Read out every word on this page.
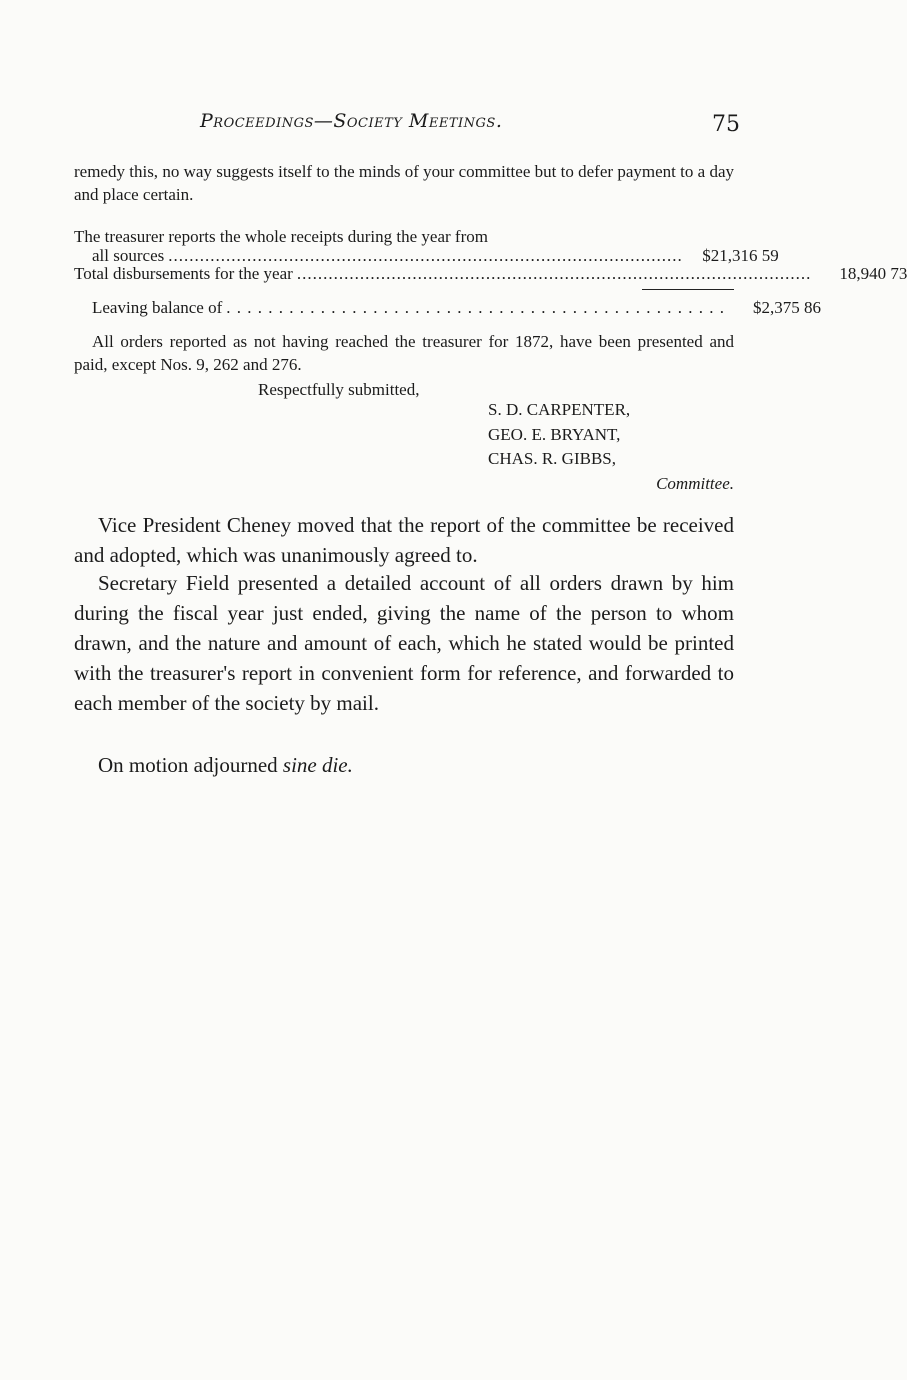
Proceedings—Society Meetings.	75
remedy this, no way suggests itself to the minds of your committee but to defer payment to a day and place certain.
The treasurer reports the whole receipts during the year from
all sources ..................................................................................................	$21,316 59
Total disbursements for the year ..................................................................................................	18,940 73
Leaving balance of . . . . . . . . . . . . . . . . . . . . . . . . . . . . . . . . . . . . . . . . . . . . . . . .	$2,375 86
All orders reported as not having reached the treasurer for 1872, have been presented and paid, except Nos. 9, 262 and 276.
Respectfully submitted,
S. D. CARPENTER,
GEO. E. BRYANT,
CHAS. R. GIBBS,
Committee.
Vice President Cheney moved that the report of the committee be received and adopted, which was unanimously agreed to.
Secretary Field presented a detailed account of all orders drawn by him during the fiscal year just ended, giving the name of the person to whom drawn, and the nature and amount of each, which he stated would be printed with the treasurer's report in convenient form for reference, and forwarded to each member of the society by mail.
On motion adjourned sine die.
